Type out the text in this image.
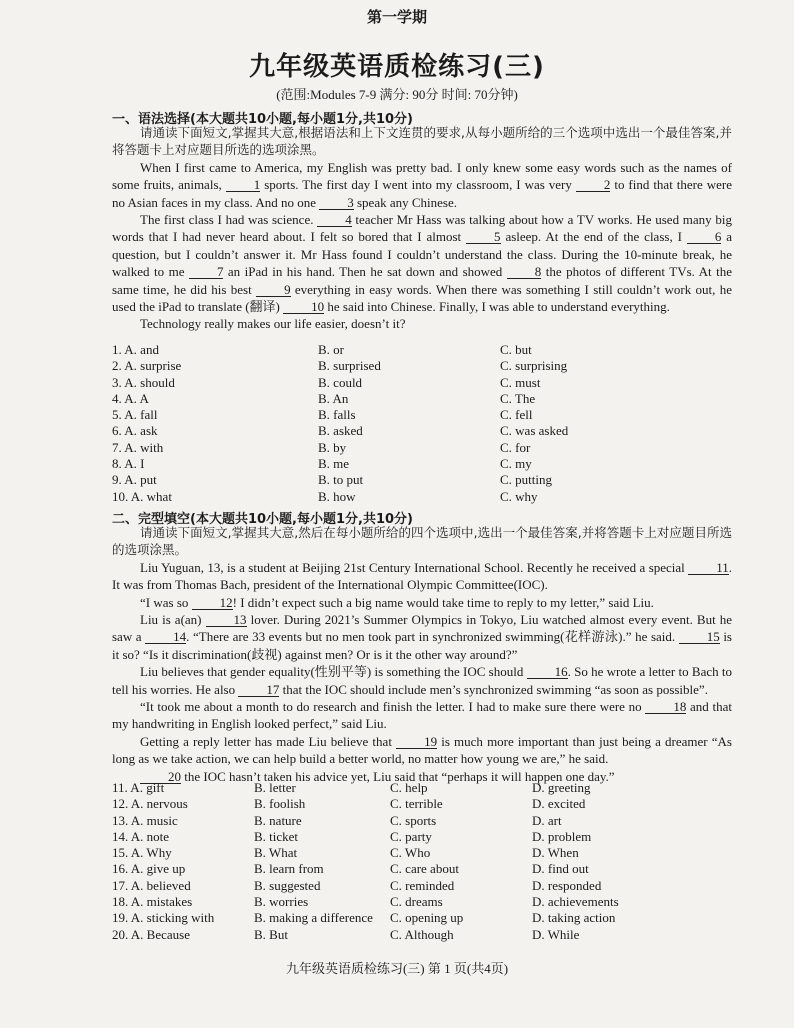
第一学期
九年级英语质检练习(三)
(范围:Modules 7-9 满分: 90分 时间: 70分钟)
一、语法选择(本大题共10小题,每小题1分,共10分)

请通读下面短文,掌握其大意,根据语法和上下文连贯的要求,从每小题所给的三个选项中选出一个最佳答案,并将答题卡上对应题目所选的选项涂黑。

When I first came to America, my English was pretty bad. I only knew some easy words such as the names of some fruits, animals, 1 sports. The first day I went into my classroom, I was very 2 to find that there were no Asian faces in my class. And no one 3 speak any Chinese.

The first class I had was science. 4 teacher Mr Hass was talking about how a TV works. He used many big words that I had never heard about. I felt so bored that I almost 5 asleep. At the end of the class, I 6 a question, but I couldn’t answer it. Mr Hass found I couldn’t understand the class. During the 10-minute break, he walked to me 7 an iPad in his hand. Then he sat down and showed 8 the photos of different TVs. At the same time, he did his best 9 everything in easy words. When there was something I still couldn’t work out, he used the iPad to translate (翻译) 10 he said into Chinese. Finally, I was able to understand everything.

Technology really makes our life easier, doesn’t it?

1. A. and	B. or	C. but
2. A. surprise	B. surprised	C. surprising
3. A. should	B. could	C. must
4. A. A	B. An	C. The
5. A. fall	B. falls	C. fell
6. A. ask	B. asked	C. was asked
7. A. with	B. by	C. for
8. A. I	B. me	C. my
9. A. put	B. to put	C. putting
10. A. what	B. how	C. why
二、完型填空(本大题共10小题,每小题1分,共10分)

请通读下面短文,掌握其大意,然后在每小题所给的四个选项中,选出一个最佳答案,并将答题卡上对应题目所选的选项涂黑。

Liu Yuguan, 13, is a student at Beijing 21st Century International School. Recently he received a special 11. It was from Thomas Bach, president of the International Olympic Committee(IOC).

“I was so 12! I didn’t expect such a big name would take time to reply to my letter,” said Liu.

Liu is a(an) 13 lover. During 2021’s Summer Olympics in Tokyo, Liu watched almost every event. But he saw a 14. “There are 33 events but no men took part in synchronized swimming(花样游泳).” he said. 15 is it so? “Is it discrimination(歧视) against men? Or is it the other way around?”

Liu believes that gender equality(性别平等) is something the IOC should 16. So he wrote a letter to Bach to tell his worries. He also 17 that the IOC should include men’s synchronized swimming “as soon as possible”.

“It took me about a month to do research and finish the letter. I had to make sure there were no 18 and that my handwriting in English looked perfect,” said Liu.

Getting a reply letter has made Liu believe that 19 is much more important than just being a dreamer “As long as we take action, we can help build a better world, no matter how young we are,” he said.

20 the IOC hasn’t taken his advice yet, Liu said that “perhaps it will happen one day.”

11. A. gift	B. letter	C. help	D. greeting
12. A. nervous	B. foolish	C. terrible	D. excited
13. A. music	B. nature	C. sports	D. art
14. A. note	B. ticket	C. party	D. problem
15. A. Why	B. What	C. Who	D. When
16. A. give up	B. learn from	C. care about	D. find out
17. A. believed	B. suggested	C. reminded	D. responded
18. A. mistakes	B. worries	C. dreams	D. achievements
19. A. sticking with	B. making a difference	C. opening up	D. taking action
20. A. Because	B. But	C. Although	D. While
九年级英语质检练习(三) 第 1 页(共4页)
